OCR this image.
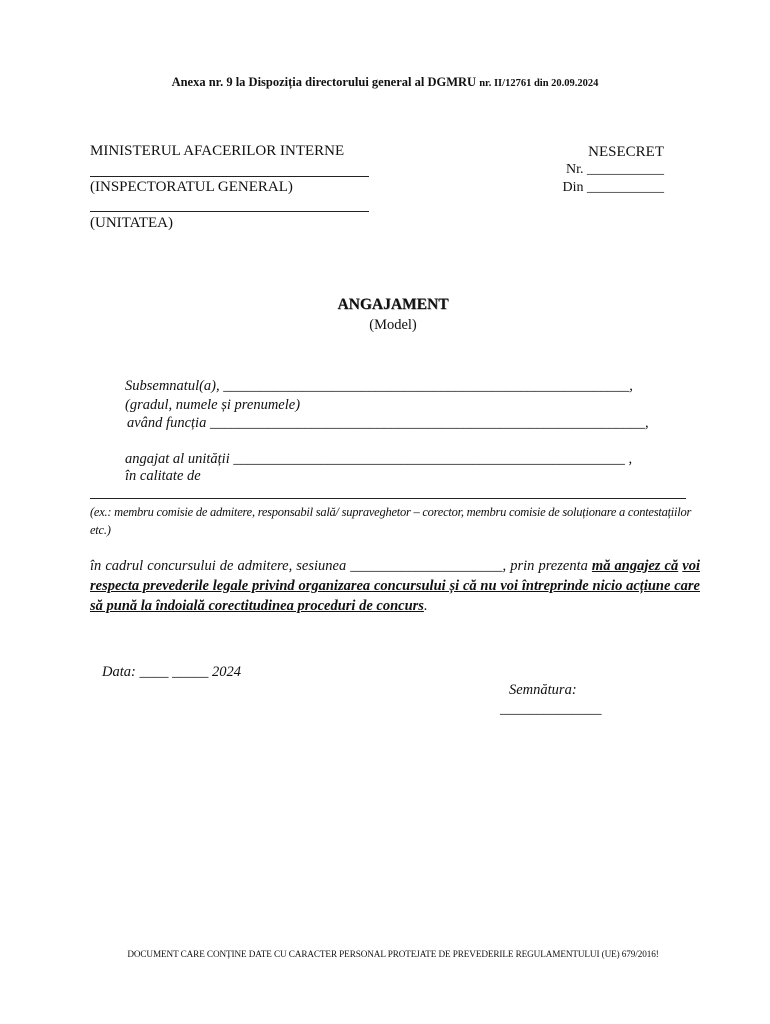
Anexa nr. 9 la Dispoziția directorului general al DGMRU nr. II/12761 din 20.09.2024
MINISTERUL AFACERILOR INTERNE
(INSPECTORATUL GENERAL)
(UNITATEA)
NESECRET
Nr. ___________
Din ___________
ANGAJAMENT
(Model)
Subsemnatul(a), ________________________________________________________,
(gradul, numele și prenumele)
având funcția ____________________________________________________________,
angajat al unității ______________________________________________________ ,
în calitate de
(ex.: membru comisie de admitere, responsabil sală/ supraveghetor – corector, membru comisie de soluționare a contestațiilor etc.)
în cadrul concursului de admitere, sesiunea _____________________, prin prezenta mă angajez că voi respecta prevederile legale privind organizarea concursului și că nu voi întreprinde nicio acțiune care să pună la îndoială corectitudinea proceduri de concurs.
Data: ____ _____ 2024
Semnătura:
______________
DOCUMENT CARE CONȚINE DATE CU CARACTER PERSONAL PROTEJATE DE PREVEDERILE REGULAMENTULUI (UE) 679/2016!
